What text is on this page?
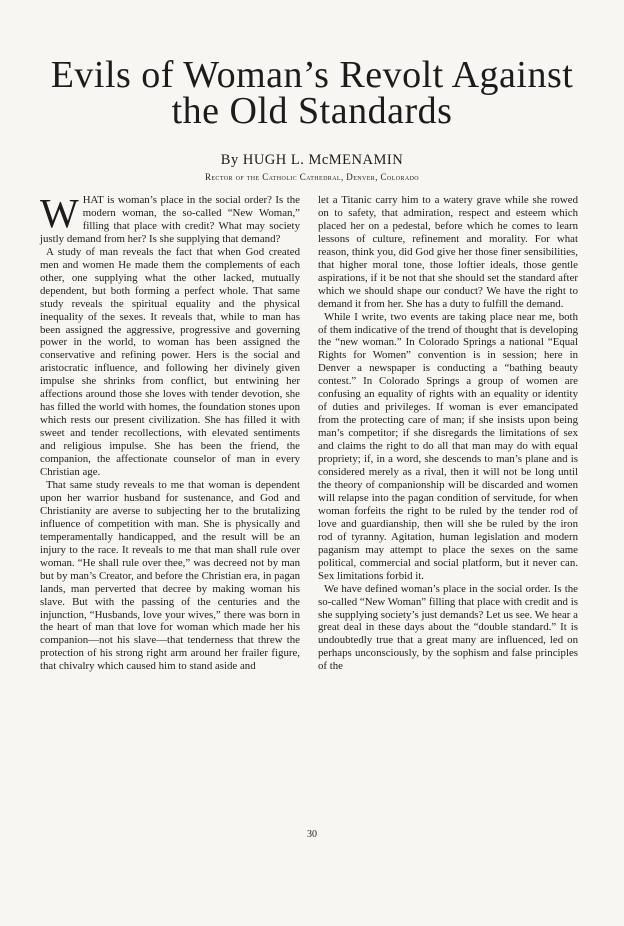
Evils of Woman’s Revolt Against
the Old Standards

By HUGH L. McMENAMIN

Rector of the Catholic Cathedral, Denver, Colorado

WHAT is woman’s place in the social order? Is the modern woman, the so-called “New Woman,” filling that place with credit? What may society justly demand from her? Is she supplying that demand?

A study of man reveals the fact that when God created men and women He made them the complements of each other, one supplying what the other lacked, mutually dependent, but both forming a perfect whole. That same study reveals the spiritual equality and the physical inequality of the sexes. It reveals that, while to man has been assigned the aggressive, progressive and governing power in the world, to woman has been assigned the conservative and refining power. Hers is the social and aristocratic influence, and following her divinely given impulse she shrinks from conflict, but entwining her affections around those she loves with tender devotion, she has filled the world with homes, the foundation stones upon which rests our present civilization. She has filled it with sweet and tender recollections, with elevated sentiments and religious impulse. She has been the friend, the companion, the affectionate counselor of man in every Christian age.

That same study reveals to me that woman is dependent upon her warrior husband for sustenance, and God and Christianity are averse to subjecting her to the brutalizing influence of competition with man. She is physically and temperamentally handicapped, and the result will be an injury to the race. It reveals to me that man shall rule over woman. “He shall rule over thee,” was decreed not by man but by man’s Creator, and before the Christian era, in pagan lands, man perverted that decree by making woman his slave. But with the passing of the centuries and the injunction, “Husbands, love your wives,” there was born in the heart of man that love for woman which made her his companion—not his slave—that tenderness that threw the protection of his strong right arm around her frailer figure, that chivalry which caused him to stand aside and

let a Titanic carry him to a watery grave while she rowed on to safety, that admiration, respect and esteem which placed her on a pedestal, before which he comes to learn lessons of culture, refinement and morality. For what reason, think you, did God give her those finer sensibilities, that higher moral tone, those loftier ideals, those gentle aspirations, if it be not that she should set the standard after which we should shape our conduct? We have the right to demand it from her. She has a duty to fulfill the demand.

While I write, two events are taking place near me, both of them indicative of the trend of thought that is developing the “new woman.” In Colorado Springs a national “Equal Rights for Women” convention is in session; here in Denver a newspaper is conducting a “bathing beauty contest.” In Colorado Springs a group of women are confusing an equality of rights with an equality or identity of duties and privileges. If woman is ever emancipated from the protecting care of man; if she insists upon being man’s competitor; if she disregards the limitations of sex and claims the right to do all that man may do with equal propriety; if, in a word, she descends to man’s plane and is considered merely as a rival, then it will not be long until the theory of companionship will be discarded and women will relapse into the pagan condition of servitude, for when woman forfeits the right to be ruled by the tender rod of love and guardianship, then will she be ruled by the iron rod of tyranny. Agitation, human legislation and modern paganism may attempt to place the sexes on the same political, commercial and social platform, but it never can. Sex limitations forbid it.

We have defined woman’s place in the social order. Is the so-called “New Woman” filling that place with credit and is she supplying society’s just demands? Let us see. We hear a great deal in these days about the “double standard.” It is undoubtedly true that a great many are influenced, led on perhaps unconsciously, by the sophism and false principles of the

30
